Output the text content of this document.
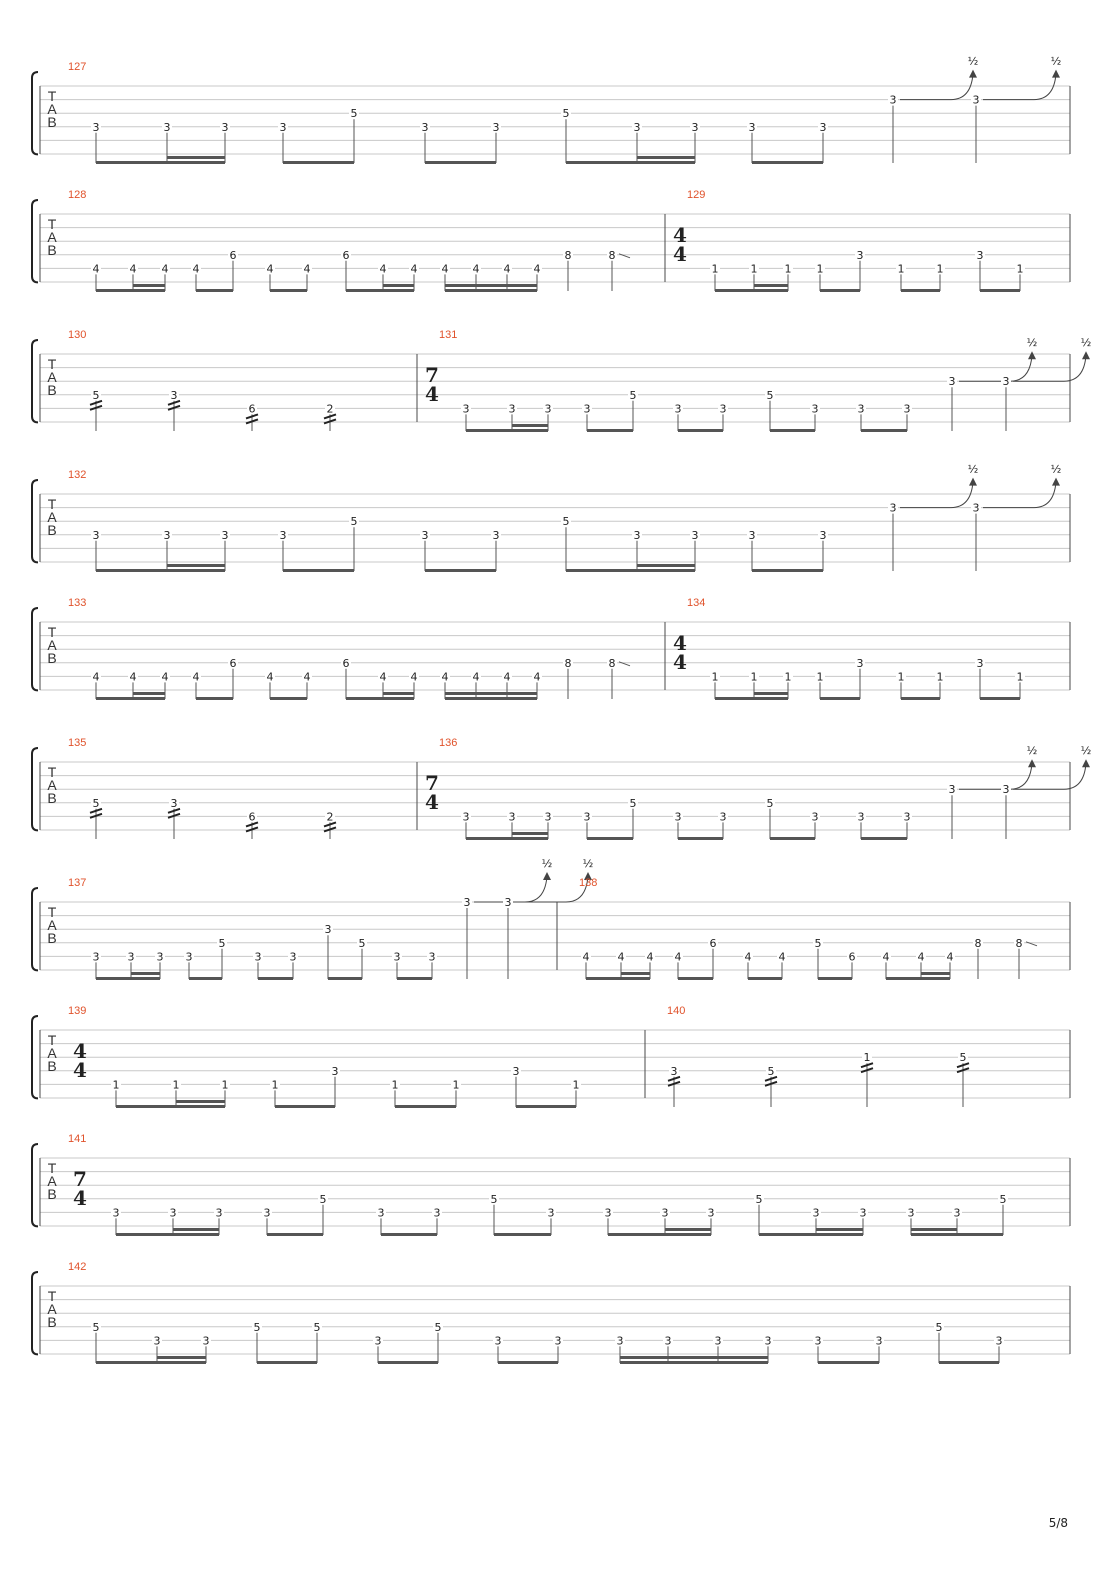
T
A
B
127
3	3	3	3
5
3	3
5
3	3	3	3
3
½
3
½
T
A
B
128
4	4 4 4
6
4	4
6
4 4 4 4 4 4
8	8
129
4
4
1	1 1 1
3
1	1
3
1
T
A
B
130
5	3
6	2
131
7
4
3	3	3	3
5
3	3
5
3	3	3
3
½
3
½
T
A
B
132
3	3	3	3
5
3	3
5
3	3	3	3
3
½
3
½
T
A
B
133
4	4 4 4
6
4	4
6
4 4 4 4 4 4
8	8
134
4
4
1	1 1 1
3
1	1
3
1
T
A
B
135
5	3
6	2
136
7
4
3	3	3	3
5
3	3
5
3	3	3
3
½
3
½
T
A
B
137
3	3 3 3
5
3	3
3
5
3	3
3
½
3
½
138
4	4 4 4
6
4 4
5
6 4	4 4
8	8
T
A
B
139
4
4
1	1	1	1
3
1	1
3
1
140
3	5
1	5
T
A
B
141
7
4
3	3	3	3
5
3	3
5
3	3	3	3
5
3	3	3	3
5
T
A
B
142
5
3	3
5	5
3
5
3	3	3	3	3	3	3	3
5
3
5/8
